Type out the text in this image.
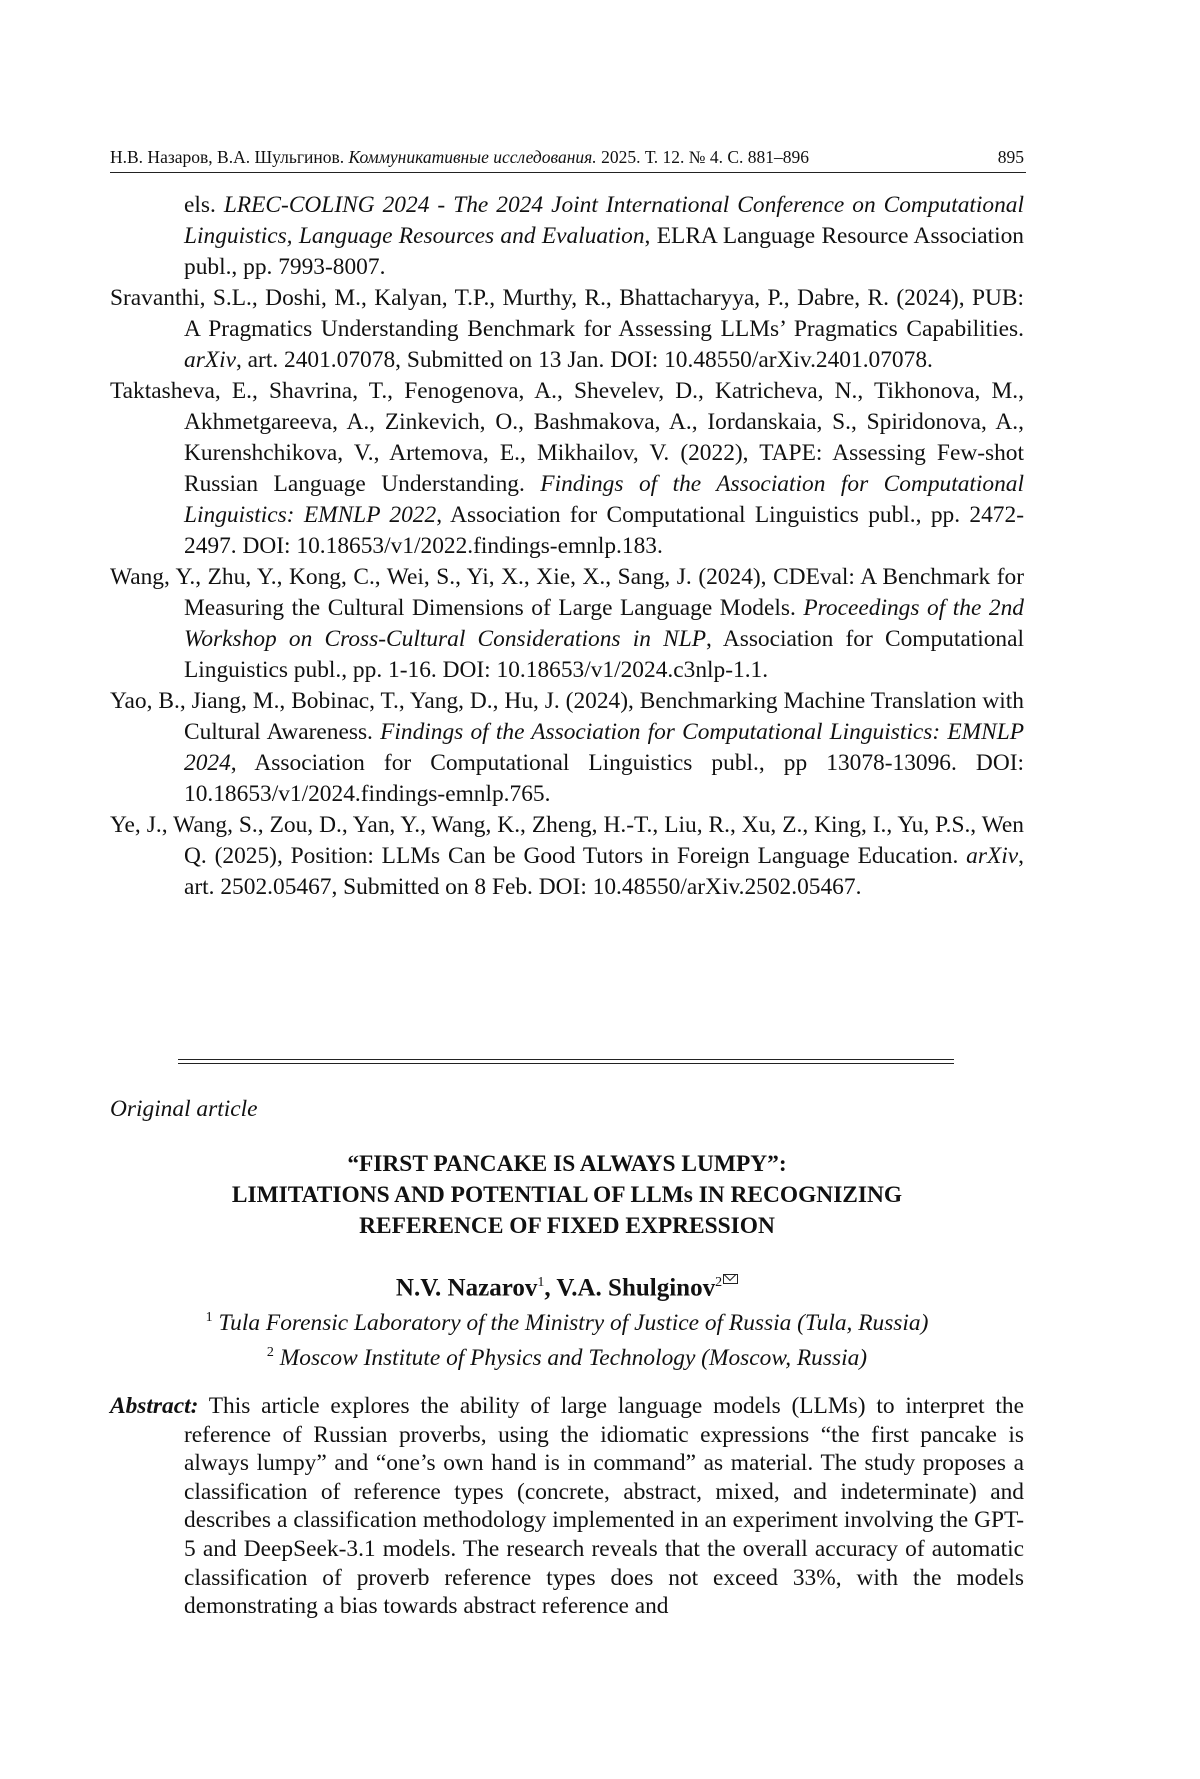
Н.В. Назаров, В.А. Шульгинов. Коммуникативные исследования. 2025. Т. 12. № 4. С. 881–896	895

els. LREC-COLING 2024 - The 2024 Joint International Conference on Computational Linguistics, Language Resources and Evaluation, ELRA Language Resource Association publ., pp. 7993-8007.

Sravanthi, S.L., Doshi, M., Kalyan, T.P., Murthy, R., Bhattacharyya, P., Dabre, R. (2024), PUB: A Pragmatics Understanding Benchmark for Assessing LLMs’ Pragmatics Capabilities. arXiv, art. 2401.07078, Submitted on 13 Jan. DOI: 10.48550/arXiv.2401.07078.

Taktasheva, E., Shavrina, T., Fenogenova, A., Shevelev, D., Katricheva, N., Tikhonova, M., Akhmetgareeva, A., Zinkevich, O., Bashmakova, A., Iordanskaia, S., Spiridonova, A., Kurenshchikova, V., Artemova, E., Mikhailov, V. (2022), TAPE: Assessing Few-shot Russian Language Understanding. Findings of the Association for Computational Linguistics: EMNLP 2022, Association for Computational Linguistics publ., pp. 2472-2497. DOI: 10.18653/v1/2022.findings-emnlp.183.

Wang, Y., Zhu, Y., Kong, C., Wei, S., Yi, X., Xie, X., Sang, J. (2024), CDEval: A Benchmark for Measuring the Cultural Dimensions of Large Language Models. Proceedings of the 2nd Workshop on Cross-Cultural Considerations in NLP, Association for Computational Linguistics publ., pp. 1-16. DOI: 10.18653/v1/2024.c3nlp-1.1.

Yao, B., Jiang, M., Bobinac, T., Yang, D., Hu, J. (2024), Benchmarking Machine Translation with Cultural Awareness. Findings of the Association for Computational Linguistics: EMNLP 2024, Association for Computational Linguistics publ., pp 13078-13096. DOI: 10.18653/v1/2024.findings-emnlp.765.

Ye, J., Wang, S., Zou, D., Yan, Y., Wang, K., Zheng, H.-T., Liu, R., Xu, Z., King, I., Yu, P.S., Wen Q. (2025), Position: LLMs Can be Good Tutors in Foreign Language Education. arXiv, art. 2502.05467, Submitted on 8 Feb. DOI: 10.48550/arXiv.2502.05467.

Original article
“FIRST PANCAKE IS ALWAYS LUMPY”:
LIMITATIONS AND POTENTIAL OF LLMs IN RECOGNIZING
REFERENCE OF FIXED EXPRESSION
N.V. Nazarov$^1$, V.A. Shulginov$^2$
$^1$ Tula Forensic Laboratory of the Ministry of Justice of Russia (Tula, Russia)
$^2$ Moscow Institute of Physics and Technology (Moscow, Russia)
Abstract: This article explores the ability of large language models (LLMs) to interpret the reference of Russian proverbs, using the idiomatic expressions “the first pancake is always lumpy” and “one’s own hand is in command” as material. The study proposes a classification of reference types (concrete, abstract, mixed, and indeterminate) and describes a classification methodology implemented in an experiment involving the GPT-5 and DeepSeek-3.1 models. The research reveals that the overall accuracy of automatic classification of proverb reference types does not exceed 33%, with the models demonstrating a bias towards abstract reference and
